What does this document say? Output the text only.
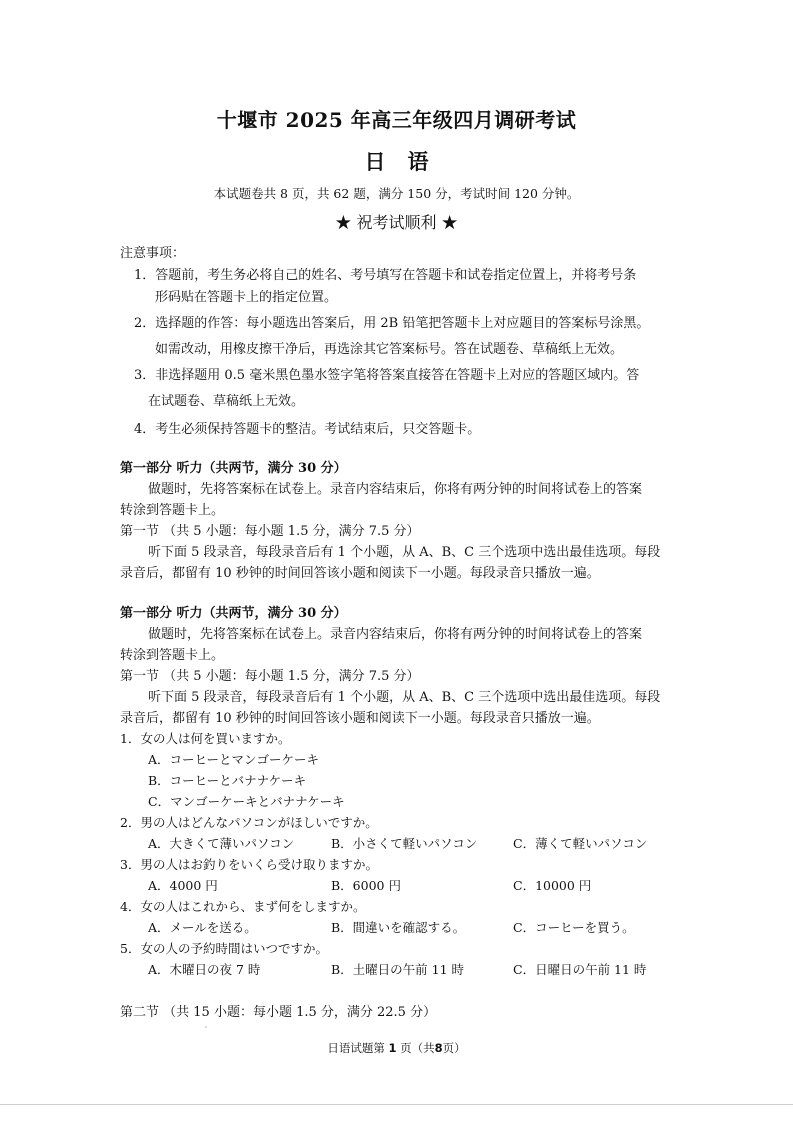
十堰市 2025 年高三年级四月调研考试
日语
本试题卷共 8 页，共 62 题，满分 150 分，考试时间 120 分钟。
★ 祝考试顺利 ★
注意事项：
1．答题前，考生务必将自己的姓名、考号填写在答题卡和试卷指定位置上，并将考号条
形码贴在答题卡上的指定位置。
2．选择题的作答：每小题选出答案后，用 2B 铅笔把答题卡上对应题目的答案标号涂黑。
如需改动，用橡皮擦干净后，再选涂其它答案标号。答在试题卷、草稿纸上无效。
3．非选择题用 0.5 毫米黑色墨水签字笔将答案直接答在答题卡上对应的答题区域内。答
在试题卷、草稿纸上无效。
4．考生必须保持答题卡的整洁。考试结束后，只交答题卡。
第一部分 听力（共两节，满分 30 分）
做题时，先将答案标在试卷上。录音内容结束后，你将有两分钟的时间将试卷上的答案
转涂到答题卡上。
第一节 （共 5 小题：每小题 1.5 分，满分 7.5 分）
听下面 5 段录音，每段录音后有 1 个小题，从 A、B、C 三个选项中选出最佳选项。每段
录音后，都留有 10 秒钟的时间回答该小题和阅读下一小题。每段录音只播放一遍。
第一部分 听力（共两节，满分 30 分）
做题时，先将答案标在试卷上。录音内容结束后，你将有两分钟的时间将试卷上的答案
转涂到答题卡上。
第一节 （共 5 小题：每小题 1.5 分，满分 7.5 分）
听下面 5 段录音，每段录音后有 1 个小题，从 A、B、C 三个选项中选出最佳选项。每段
录音后，都留有 10 秒钟的时间回答该小题和阅读下一小题。每段录音只播放一遍。
1．女の人は何を買いますか。
A．コーヒーとマンゴーケーキ
B．コーヒーとバナナケーキ
C．マンゴーケーキとバナナケーキ
2．男の人はどんなパソコンがほしいですか。
A．大きくて薄いパソコン	B．小さくて軽いパソコン	C．薄くて軽いパソコン
3．男の人はお釣りをいくら受け取りますか。
A．4000 円	B．6000 円	C．10000 円
4．女の人はこれから、まず何をしますか。
A．メールを送る。	B．間違いを確認する。	C．コーヒーを買う。
5．女の人の予約時間はいつですか。
A．木曜日の夜 7 時	B．土曜日の午前 11 時	C．日曜日の午前 11 時
第二节 （共 15 小题：每小题 1.5 分，满分 22.5 分）
日语试题第 1 页（共8页）
